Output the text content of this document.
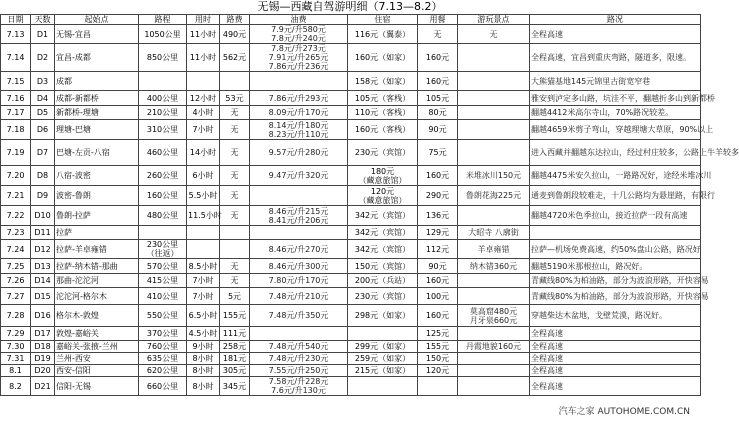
无锡—西藏自驾游明细（7.13—8.2）
日期	天数	起始点	路程	用时	路费	油费	住宿	用餐	游玩景点	路况
7.13	D1	无锡-宜昌	1050公里	11小时	490元	7.9元/升580元
7.8元/升240元	116元（翼泰）	无	无	全程高速
7.14	D2	宜昌-成都	850公里	11小时	562元	7.8元/升273元
7.91元/升265元
7.86元/升236元	160元（如家）	160元		全程高速，宜昌到重庆弯路，隧道多，限速。
7.15	D3	成都					158元（如家）	160元		大熊猫基地145元锦里古街宽窄巷
7.16	D4	成都-新都桥	400公里	12小时	53元	7.86元/升293元	105元（客栈）	105元		雅安到泸定多山路，坑洼不平，翻越折多山到新都桥
7.17	D5	新都桥-理塘	210公里	4小时	无	8.09元/升170元	110元（客栈）	80元		翻越4412米高尔寺山，70%路况较差。
7.18	D6	理塘-巴塘	310公里	7小时	无	8.14元/升180元
8.23元/升110元	160元（客栈）	90元		翻越4659米剪子弯山，穿越理塘大草原，90%以上
7.19	D7	巴塘-左贡-八宿	460公里	14小时	无	9.57元/升280元	230元（宾馆）	75元		进入西藏并翻越东达拉山，经过村庄较多，公路上牛羊较多
7.20	D8	八宿-波密	260公里	6小时	无	9.47元/升320元	180元
（藏意旅馆）	160元	米堆冰川150元	翻越4475米安久拉山，一路路况好，途经米堆冰川
7.21	D9	波密-鲁朗	160公里	5.5小时	无		120元
（藏意旅馆）	290元	鲁朗花海225元	通麦到鲁朗段较难走，十几公路均为悬崖路，有限行
7.22	D10	鲁朗-拉萨	480公里	11.5小时	无	8.46元/升215元
8.41元/升206元	342元（宾馆）	136元		翻越4720米色季拉山，接近拉萨一段有高速
7.23	D11	拉萨					342元（宾馆）	129元	大昭寺 八廓街	
7.24	D12	拉萨-羊卓雍错	230公里
（往返）			8.46元/升270元	342元（宾馆）	112元	羊卓雍错	拉萨—机场免费高速，约50%盘山公路，路况好
7.25	D13	拉萨-纳木错-那曲	570公里	8.5小时	无	8.46元/升300元	150元（宾馆）	90元	纳木错360元	翻越5190米那根拉山，路况好。
7.26	D14	那曲-沱沱河	415公里	7小时	无	7.80元/升170元	200元（兵站）	160元		青藏线80%为柏油路，部分为波浪形路，开快容易
7.27	D15	沱沱河-格尔木	410公里	7小时	5元	7.48元/升210元	230元（宾馆）	100元		青藏线80%为柏油路，部分为波浪形路，开快容易
7.28	D16	格尔木-敦煌	550公里	6.5小时	155元	7.48元/升350元	298元（如家）	160元	莫高窟480元
月牙泉660元	穿越柴达木盆地，戈壁荒漠，路况好。
7.29	D17	敦煌-嘉峪关	370公里	4.5小时	111元			125元		全程高速
7.30	D18	嘉峪关-张掖-兰州	760公里	9小时	258元	7.48元/升540元	299元（如家）	155元	丹霞地貌160元	全程高速
7.31	D19	兰州-西安	635公里	8小时	181元	7.48元/升230元	259元（如家）	150元		全程高速
8.1	D20	西安-信阳	620公里	8小时	305元	7.55元/升250元	215元（如家）	120元		全程高速
8.2	D21	信阳-无锡	660公里	8小时	345元	7.58元/升228元
7.6元/升130元				全程高速
汽车之家 AUTOHOME.COM.CN
